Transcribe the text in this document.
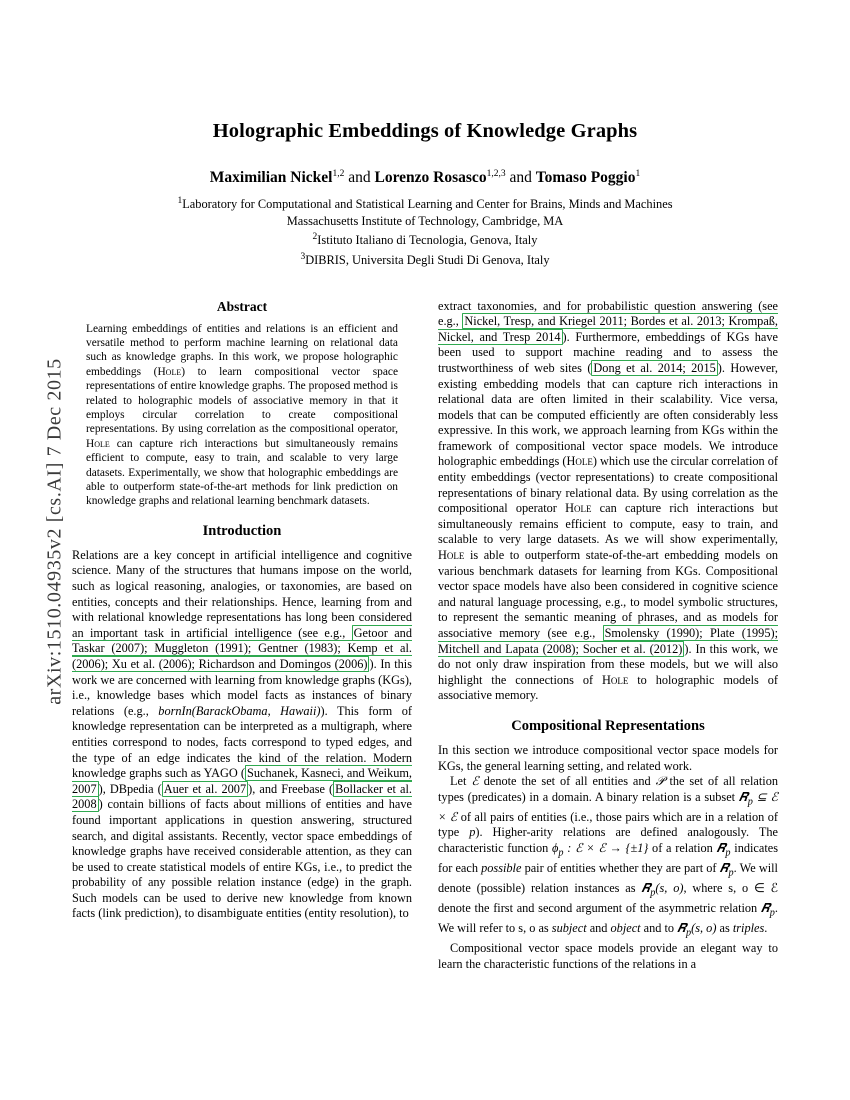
arXiv:1510.04935v2 [cs.AI] 7 Dec 2015
Holographic Embeddings of Knowledge Graphs
Maximilian Nickel$^{1,2}$ and Lorenzo Rosasco$^{1,2,3}$ and Tomaso Poggio$^1$
$^1$Laboratory for Computational and Statistical Learning and Center for Brains, Minds and Machines
Massachusetts Institute of Technology, Cambridge, MA
$^2$Istituto Italiano di Tecnologia, Genova, Italy
$^3$DIBRIS, Universita Degli Studi Di Genova, Italy
Abstract
Learning embeddings of entities and relations is an efficient and versatile method to perform machine learning on relational data such as knowledge graphs. In this work, we propose holographic embeddings (Hole) to learn compositional vector space representations of entire knowledge graphs. The proposed method is related to holographic models of associative memory in that it employs circular correlation to create compositional representations. By using correlation as the compositional operator, Hole can capture rich interactions but simultaneously remains efficient to compute, easy to train, and scalable to very large datasets. Experimentally, we show that holographic embeddings are able to outperform state-of-the-art methods for link prediction on knowledge graphs and relational learning benchmark datasets.
Introduction

Relations are a key concept in artificial intelligence and cognitive science. Many of the structures that humans impose on the world, such as logical reasoning, analogies, or taxonomies, are based on entities, concepts and their relationships. Hence, learning from and with relational knowledge representations has long been considered an important task in artificial intelligence (see e.g., Getoor and Taskar (2007); Muggleton (1991); Gentner (1983); Kemp et al. (2006); Xu et al. (2006); Richardson and Domingos (2006) ). In this work we are concerned with learning from knowledge graphs (KGs), i.e., knowledge bases which model facts as instances of binary relations (e.g., bornIn(BarackObama, Hawaii)). This form of knowledge representation can be interpreted as a multigraph, where entities correspond to nodes, facts correspond to typed edges, and the type of an edge indicates the kind of the relation. Modern knowledge graphs such as YAGO ( Suchanek, Kasneci, and Weikum, 2007 ), DBpedia ( Auer et al. 2007 ), and Freebase ( Bollacker et al. 2008 ) contain billions of facts about millions of entities and have found important applications in question answering, structured search, and digital assistants. Recently, vector space embeddings of knowledge graphs have received considerable attention, as they can be used to create statistical models of entire KGs, i.e., to predict the probability of any possible relation instance (edge) in the graph. Such models can be used to derive new knowledge from known facts (link prediction), to disambiguate entities (entity resolution), to

extract taxonomies, and for probabilistic question answering (see e.g., Nickel, Tresp, and Kriegel 2011; Bordes et al. 2013; Krompaß, Nickel, and Tresp 2014 ). Furthermore, embeddings of KGs have been used to support machine reading and to assess the trustworthiness of web sites ( Dong et al. 2014; 2015 ). However, existing embedding models that can capture rich interactions in relational data are often limited in their scalability. Vice versa, models that can be computed efficiently are often considerably less expressive. In this work, we approach learning from KGs within the framework of compositional vector space models. We introduce holographic embeddings (Hole) which use the circular correlation of entity embeddings (vector representations) to create compositional representations of binary relational data. By using correlation as the compositional operator Hole can capture rich interactions but simultaneously remains efficient to compute, easy to train, and scalable to very large datasets. As we will show experimentally, Hole is able to outperform state-of-the-art embedding models on various benchmark datasets for learning from KGs. Compositional vector space models have also been considered in cognitive science and natural language processing, e.g., to model symbolic structures, to represent the semantic meaning of phrases, and as models for associative memory (see e.g., Smolensky (1990); Plate (1995); Mitchell and Lapata (2008); Socher et al. (2012) ). In this work, we do not only draw inspiration from these models, but we will also highlight the connections of Hole to holographic models of associative memory.

Compositional Representations

In this section we introduce compositional vector space models for KGs, the general learning setting, and related work.

Let ℰ denote the set of all entities and 𝒫 the set of all relation types (predicates) in a domain. A binary relation is a subset 𝑹$_p$ ⊆ ℰ × ℰ of all pairs of entities (i.e., those pairs which are in a relation of type p). Higher-arity relations are defined analogously. The characteristic function $\phi_p$ : ℰ × ℰ → {±1} of a relation 𝑹$_p$ indicates for each possible pair of entities whether they are part of 𝑹$_p$. We will denote (possible) relation instances as 𝑹$_p$(s, o), where s, o ∈ ℰ denote the first and second argument of the asymmetric relation 𝑹$_p$. We will refer to s, o as subject and object and to 𝑹$_p$(s, o) as triples.

Compositional vector space models provide an elegant way to learn the characteristic functions of the relations in a
